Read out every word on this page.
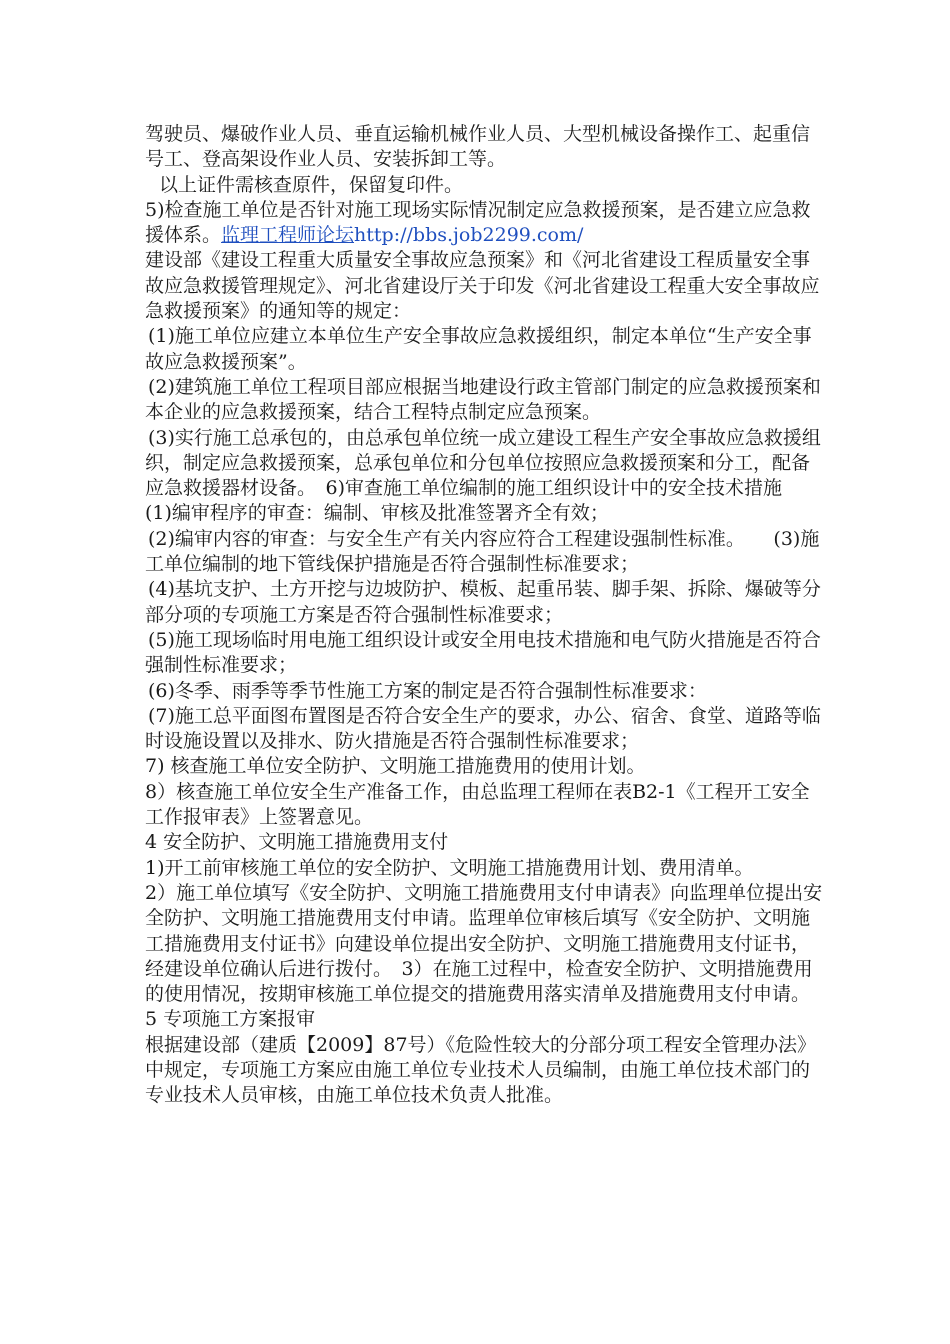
驾驶员、爆破作业人员、垂直运输机械作业人员、大型机械设备操作工、起重信号工、登高架设作业人员、安装拆卸工等。

以上证件需核查原件，保留复印件。

5)检查施工单位是否针对施工现场实际情况制定应急救援预案，是否建立应急救援体系。监理工程师论坛http://bbs.job2299.com/

建设部《建设工程重大质量安全事故应急预案》和《河北省建设工程质量安全事故应急救援管理规定》、河北省建设厅关于印发《河北省建设工程重大安全事故应急救援预案》的通知等的规定：

(1)施工单位应建立本单位生产安全事故应急救援组织，制定本单位“生产安全事故应急救援预案”。

(2)建筑施工单位工程项目部应根据当地建设行政主管部门制定的应急救援预案和本企业的应急救援预案，结合工程特点制定应急预案。

(3)实行施工总承包的，由总承包单位统一成立建设工程生产安全事故应急救援组织，制定应急救援预案，总承包单位和分包单位按照应急救援预案和分工，配备应急救援器材设备。　6)审查施工单位编制的施工组织设计中的安全技术措施　　(1)编审程序的审查：编制、审核及批准签署齐全有效；

(2)编审内容的审查：与安全生产有关内容应符合工程建设强制性标准。　　(3)施工单位编制的地下管线保护措施是否符合强制性标准要求；

(4)基坑支护、土方开挖与边坡防护、模板、起重吊装、脚手架、拆除、爆破等分部分项的专项施工方案是否符合强制性标准要求；

(5)施工现场临时用电施工组织设计或安全用电技术措施和电气防火措施是否符合强制性标准要求；

(6)冬季、雨季等季节性施工方案的制定是否符合强制性标准要求：

(7)施工总平面图布置图是否符合安全生产的要求，办公、宿舍、食堂、道路等临时设施设置以及排水、防火措施是否符合强制性标准要求；

7) 核查施工单位安全防护、文明施工措施费用的使用计划。

8）核查施工单位安全生产准备工作，由总监理工程师在表B2-1《工程开工安全工作报审表》上签署意见。

4 安全防护、文明施工措施费用支付

1)开工前审核施工单位的安全防护、文明施工措施费用计划、费用清单。

2）施工单位填写《安全防护、文明施工措施费用支付申请表》向监理单位提出安全防护、文明施工措施费用支付申请。监理单位审核后填写《安全防护、文明施工措施费用支付证书》向建设单位提出安全防护、文明施工措施费用支付证书，经建设单位确认后进行拨付。　3）在施工过程中，检查安全防护、文明措施费用的使用情况，按期审核施工单位提交的措施费用落实清单及措施费用支付申请。

5 专项施工方案报审

根据建设部（建质【2009】87号）《危险性较大的分部分项工程安全管理办法》中规定，专项施工方案应由施工单位专业技术人员编制，由施工单位技术部门的专业技术人员审核，由施工单位技术负责人批准。
